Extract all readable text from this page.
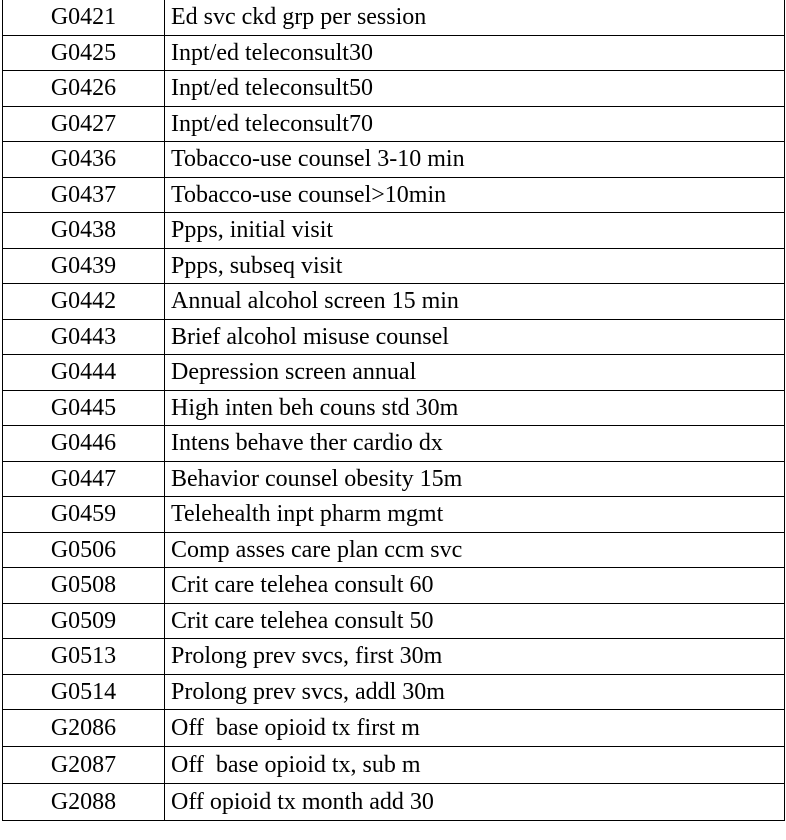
G0421	Ed svc ckd grp per session
G0425	Inpt/ed teleconsult30
G0426	Inpt/ed teleconsult50
G0427	Inpt/ed teleconsult70
G0436	Tobacco-use counsel 3-10 min
G0437	Tobacco-use counsel>10min
G0438	Ppps, initial visit
G0439	Ppps, subseq visit
G0442	Annual alcohol screen 15 min
G0443	Brief alcohol misuse counsel
G0444	Depression screen annual
G0445	High inten beh couns std 30m
G0446	Intens behave ther cardio dx
G0447	Behavior counsel obesity 15m
G0459	Telehealth inpt pharm mgmt
G0506	Comp asses care plan ccm svc
G0508	Crit care telehea consult 60
G0509	Crit care telehea consult 50
G0513	Prolong prev svcs, first 30m
G0514	Prolong prev svcs, addl 30m
G2086	Off  base opioid tx first m
G2087	Off  base opioid tx, sub m
G2088	Off opioid tx month add 30
